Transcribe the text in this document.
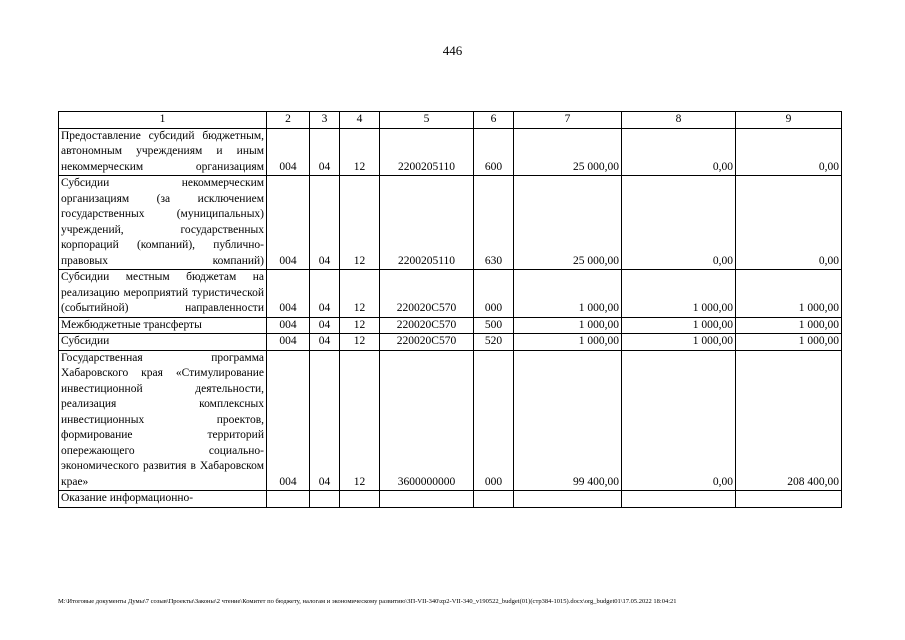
446
1	2	3	4	5	6	7	8	9
Предоставление субсидий бюджетным, автономным учреждениям и иным некоммерческим организациям	004	04	12	2200205110	600	25 000,00	0,00	0,00
Субсидии некоммерческим организациям (за исключением государственных (муниципальных) учреждений, государственных корпораций (компаний), публично-правовых компаний)	004	04	12	2200205110	630	25 000,00	0,00	0,00
Субсидии местным бюджетам на реализацию мероприятий туристической (событийной) направленности	004	04	12	220020С570	000	1 000,00	1 000,00	1 000,00
Межбюджетные трансферты	004	04	12	220020С570	500	1 000,00	1 000,00	1 000,00
Субсидии	004	04	12	220020С570	520	1 000,00	1 000,00	1 000,00
Государственная программа Хабаровского края «Стимулирование инвестиционной деятельности, реализация комплексных инвестиционных проектов, формирование территорий опережающего социально-экономического развития в Хабаровском крае»	004	04	12	3600000000	000	99 400,00	0,00	208 400,00
Оказание информационно-								
M:\Итоговые документы Думы\7 созыв\Проекты\Законы\2 чтение\Комитет по бюджету, налогам и экономическому развитию\ЗП-VII-340\zp2-VII-340_v190522_budget(01)(стр384-1015).docx\org_budget01\17.05.2022 18:04:21
